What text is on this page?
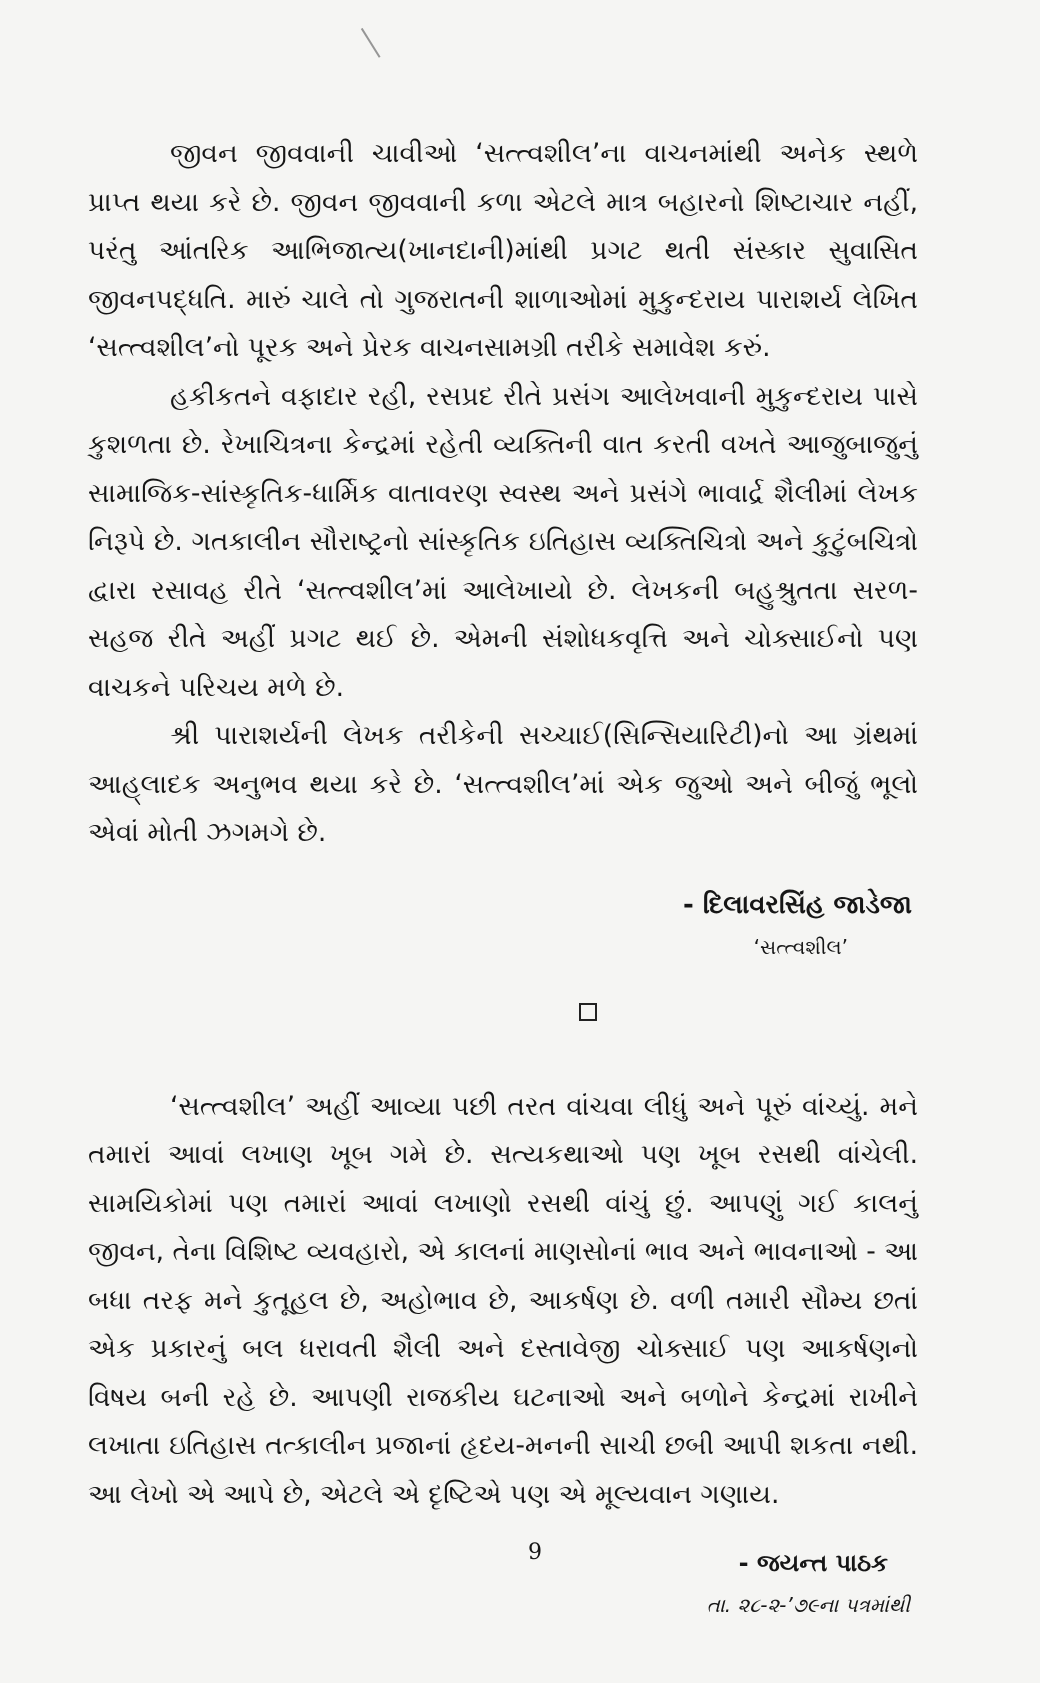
જીવન જીવવાની ચાવીઓ ‘સત્ત્વશીલ’ના વાચનમાંથી અનેક સ્થળે પ્રાપ્ત થયા કરે છે. જીવન જીવવાની કળા એટલે માત્ર બહારનો શિષ્ટાચાર નહીં, પરંતુ આંતરિક આભિજાત્ય(ખાનદાની)માંથી પ્રગટ થતી સંસ્કાર સુવાસિત જીવનપદ્ધતિ. મારું ચાલે તો ગુજરાતની શાળાઓમાં મુકુન્દરાય પારાશર્ય લેખિત ‘સત્ત્વશીલ’નો પૂરક અને પ્રેરક વાચનસામગ્રી તરીકે સમાવેશ કરું.

હકીકતને વફાદાર રહી, રસપ્રદ રીતે પ્રસંગ આલેખવાની મુકુન્દરાય પાસે કુશળતા છે. રેખાચિત્રના કેન્દ્રમાં રહેતી વ્યક્તિની વાત કરતી વખતે આજુબાજુનું સામાજિક-સાંસ્કૃતિક-ધાર્મિક વાતાવરણ સ્વસ્થ અને પ્રસંગે ભાવાર્દ્ર શૈલીમાં લેખક નિરૂપે છે. ગતકાલીન સૌરાષ્ટ્રનો સાંસ્કૃતિક ઇતિહાસ વ્યક્તિચિત્રો અને કુટુંબચિત્રો દ્વારા રસાવહ રીતે ‘સત્ત્વશીલ’માં આલેખાયો છે. લેખકની બહુશ્રુતતા સરળ-સહજ રીતે અહીં પ્રગટ થઈ છે. એમની સંશોધકવૃત્તિ અને ચોક્સાઈનો પણ વાચકને પરિચય મળે છે.

શ્રી પારાશર્યની લેખક તરીકેની સચ્ચાઈ(સિન્સિયારિટી)નો આ ગ્રંથમાં આહ્‌લાદક અનુભવ થયા કરે છે. ‘સત્ત્વશીલ’માં એક જુઓ અને બીજું ભૂલો એવાં મોતી ઝગમગે છે.

- દિલાવરસિંહ જાડેજા

‘સત્ત્વશીલ’

‘સત્ત્વશીલ’ અહીં આવ્યા પછી તરત વાંચવા લીધું અને પૂરું વાંચ્યું. મને તમારાં આવાં લખાણ ખૂબ ગમે છે. સત્યકથાઓ પણ ખૂબ રસથી વાંચેલી. સામયિકોમાં પણ તમારાં આવાં લખાણો રસથી વાંચું છું. આપણું ગઈ કાલનું જીવન, તેના વિશિષ્ટ વ્યવહારો, એ કાલનાં માણસોનાં ભાવ અને ભાવનાઓ - આ બધા તરફ મને કુતૂહલ છે, અહોભાવ છે, આકર્ષણ છે. વળી તમારી સૌમ્ય છતાં એક પ્રકારનું બલ ધરાવતી શૈલી અને દસ્તાવેજી ચોક્સાઈ પણ આકર્ષણનો વિષય બની રહે છે. આપણી રાજકીય ઘટનાઓ અને બળોને કેન્દ્રમાં રાખીને લખાતા ઇતિહાસ તત્કાલીન પ્રજાનાં હૃદય-મનની સાચી છબી આપી શકતા નથી. આ લેખો એ આપે છે, એટલે એ દૃષ્ટિએ પણ એ મૂલ્યવાન ગણાય.

- જયન્ત પાઠક

તા. ૨૮-૨-’૭૯ના પત્રમાંથી

9
